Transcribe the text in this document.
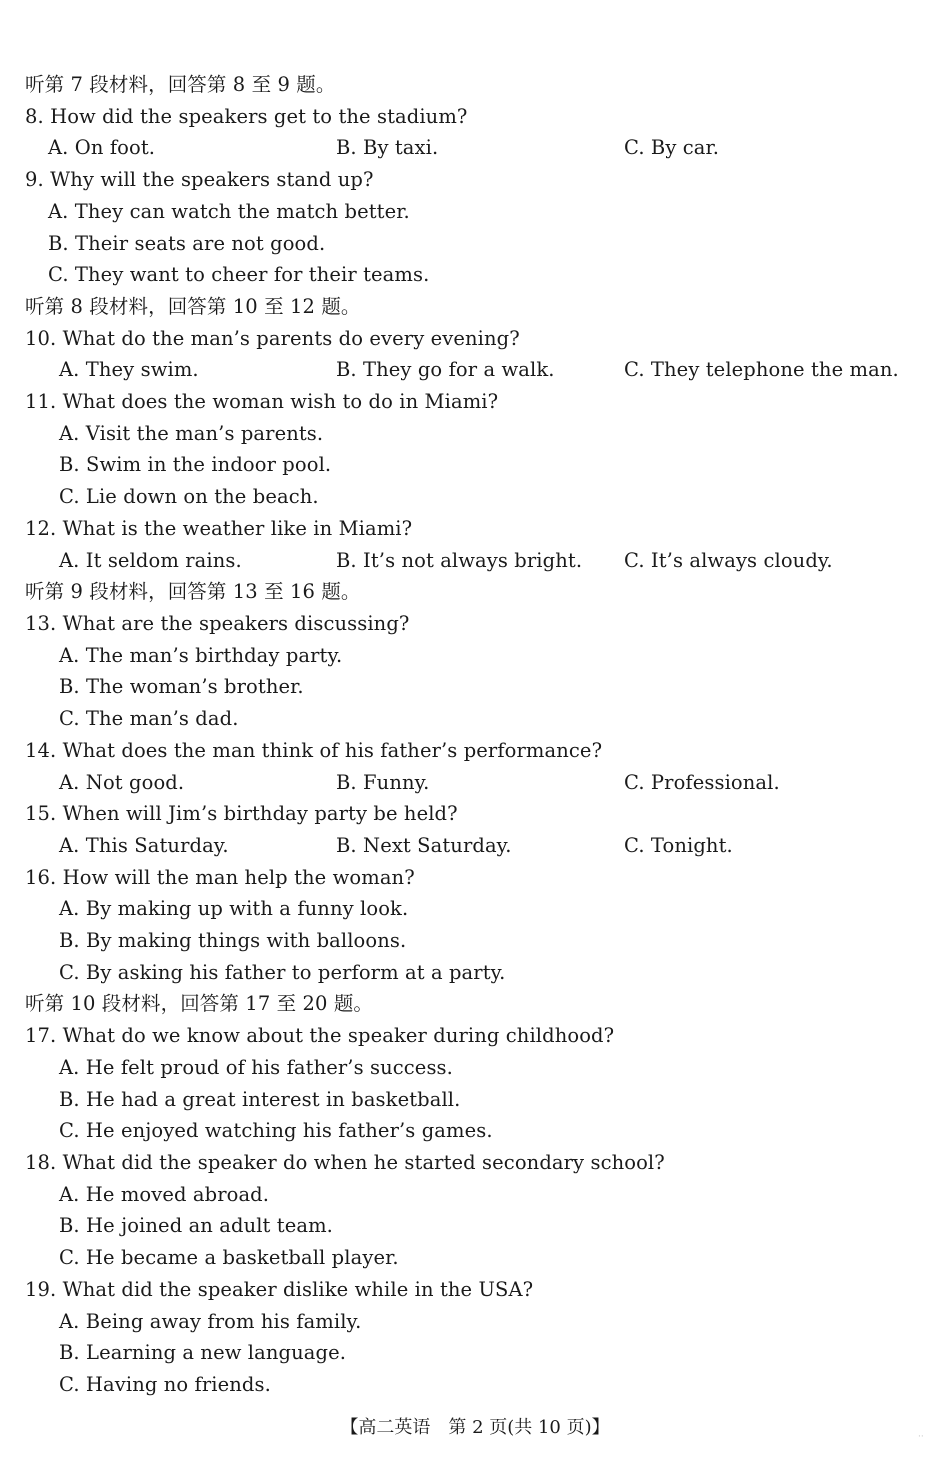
听第 7 段材料，回答第 8 至 9 题。
8. How did the speakers get to the stadium?
A. On foot.	B. By taxi.	C. By car.
9. Why will the speakers stand up?
A. They can watch the match better.
B. Their seats are not good.
C. They want to cheer for their teams.
听第 8 段材料，回答第 10 至 12 题。
10. What do the man’s parents do every evening?
A. They swim.	B. They go for a walk.	C. They telephone the man.
11. What does the woman wish to do in Miami?
A. Visit the man’s parents.
B. Swim in the indoor pool.
C. Lie down on the beach.
12. What is the weather like in Miami?
A. It seldom rains.	B. It’s not always bright. C. It’s always cloudy.
听第 9 段材料，回答第 13 至 16 题。
13. What are the speakers discussing?
A. The man’s birthday party.
B. The woman’s brother.
C. The man’s dad.
14. What does the man think of his father’s performance?
A. Not good.	B. Funny.	C. Professional.
15. When will Jim’s birthday party be held?
A. This Saturday.	B. Next Saturday.	C. Tonight.
16. How will the man help the woman?
A. By making up with a funny look.
B. By making things with balloons.
C. By asking his father to perform at a party.
听第 10 段材料，回答第 17 至 20 题。
17. What do we know about the speaker during childhood?
A. He felt proud of his father’s success.
B. He had a great interest in basketball.
C. He enjoyed watching his father’s games.
18. What did the speaker do when he started secondary school?
A. He moved abroad.
B. He joined an adult team.
C. He became a basketball player.
19. What did the speaker dislike while in the USA?
A. Being away from his family.
B. Learning a new language.
C. Having no friends.
【高二英语　第 2 页(共 10 页)】	··
